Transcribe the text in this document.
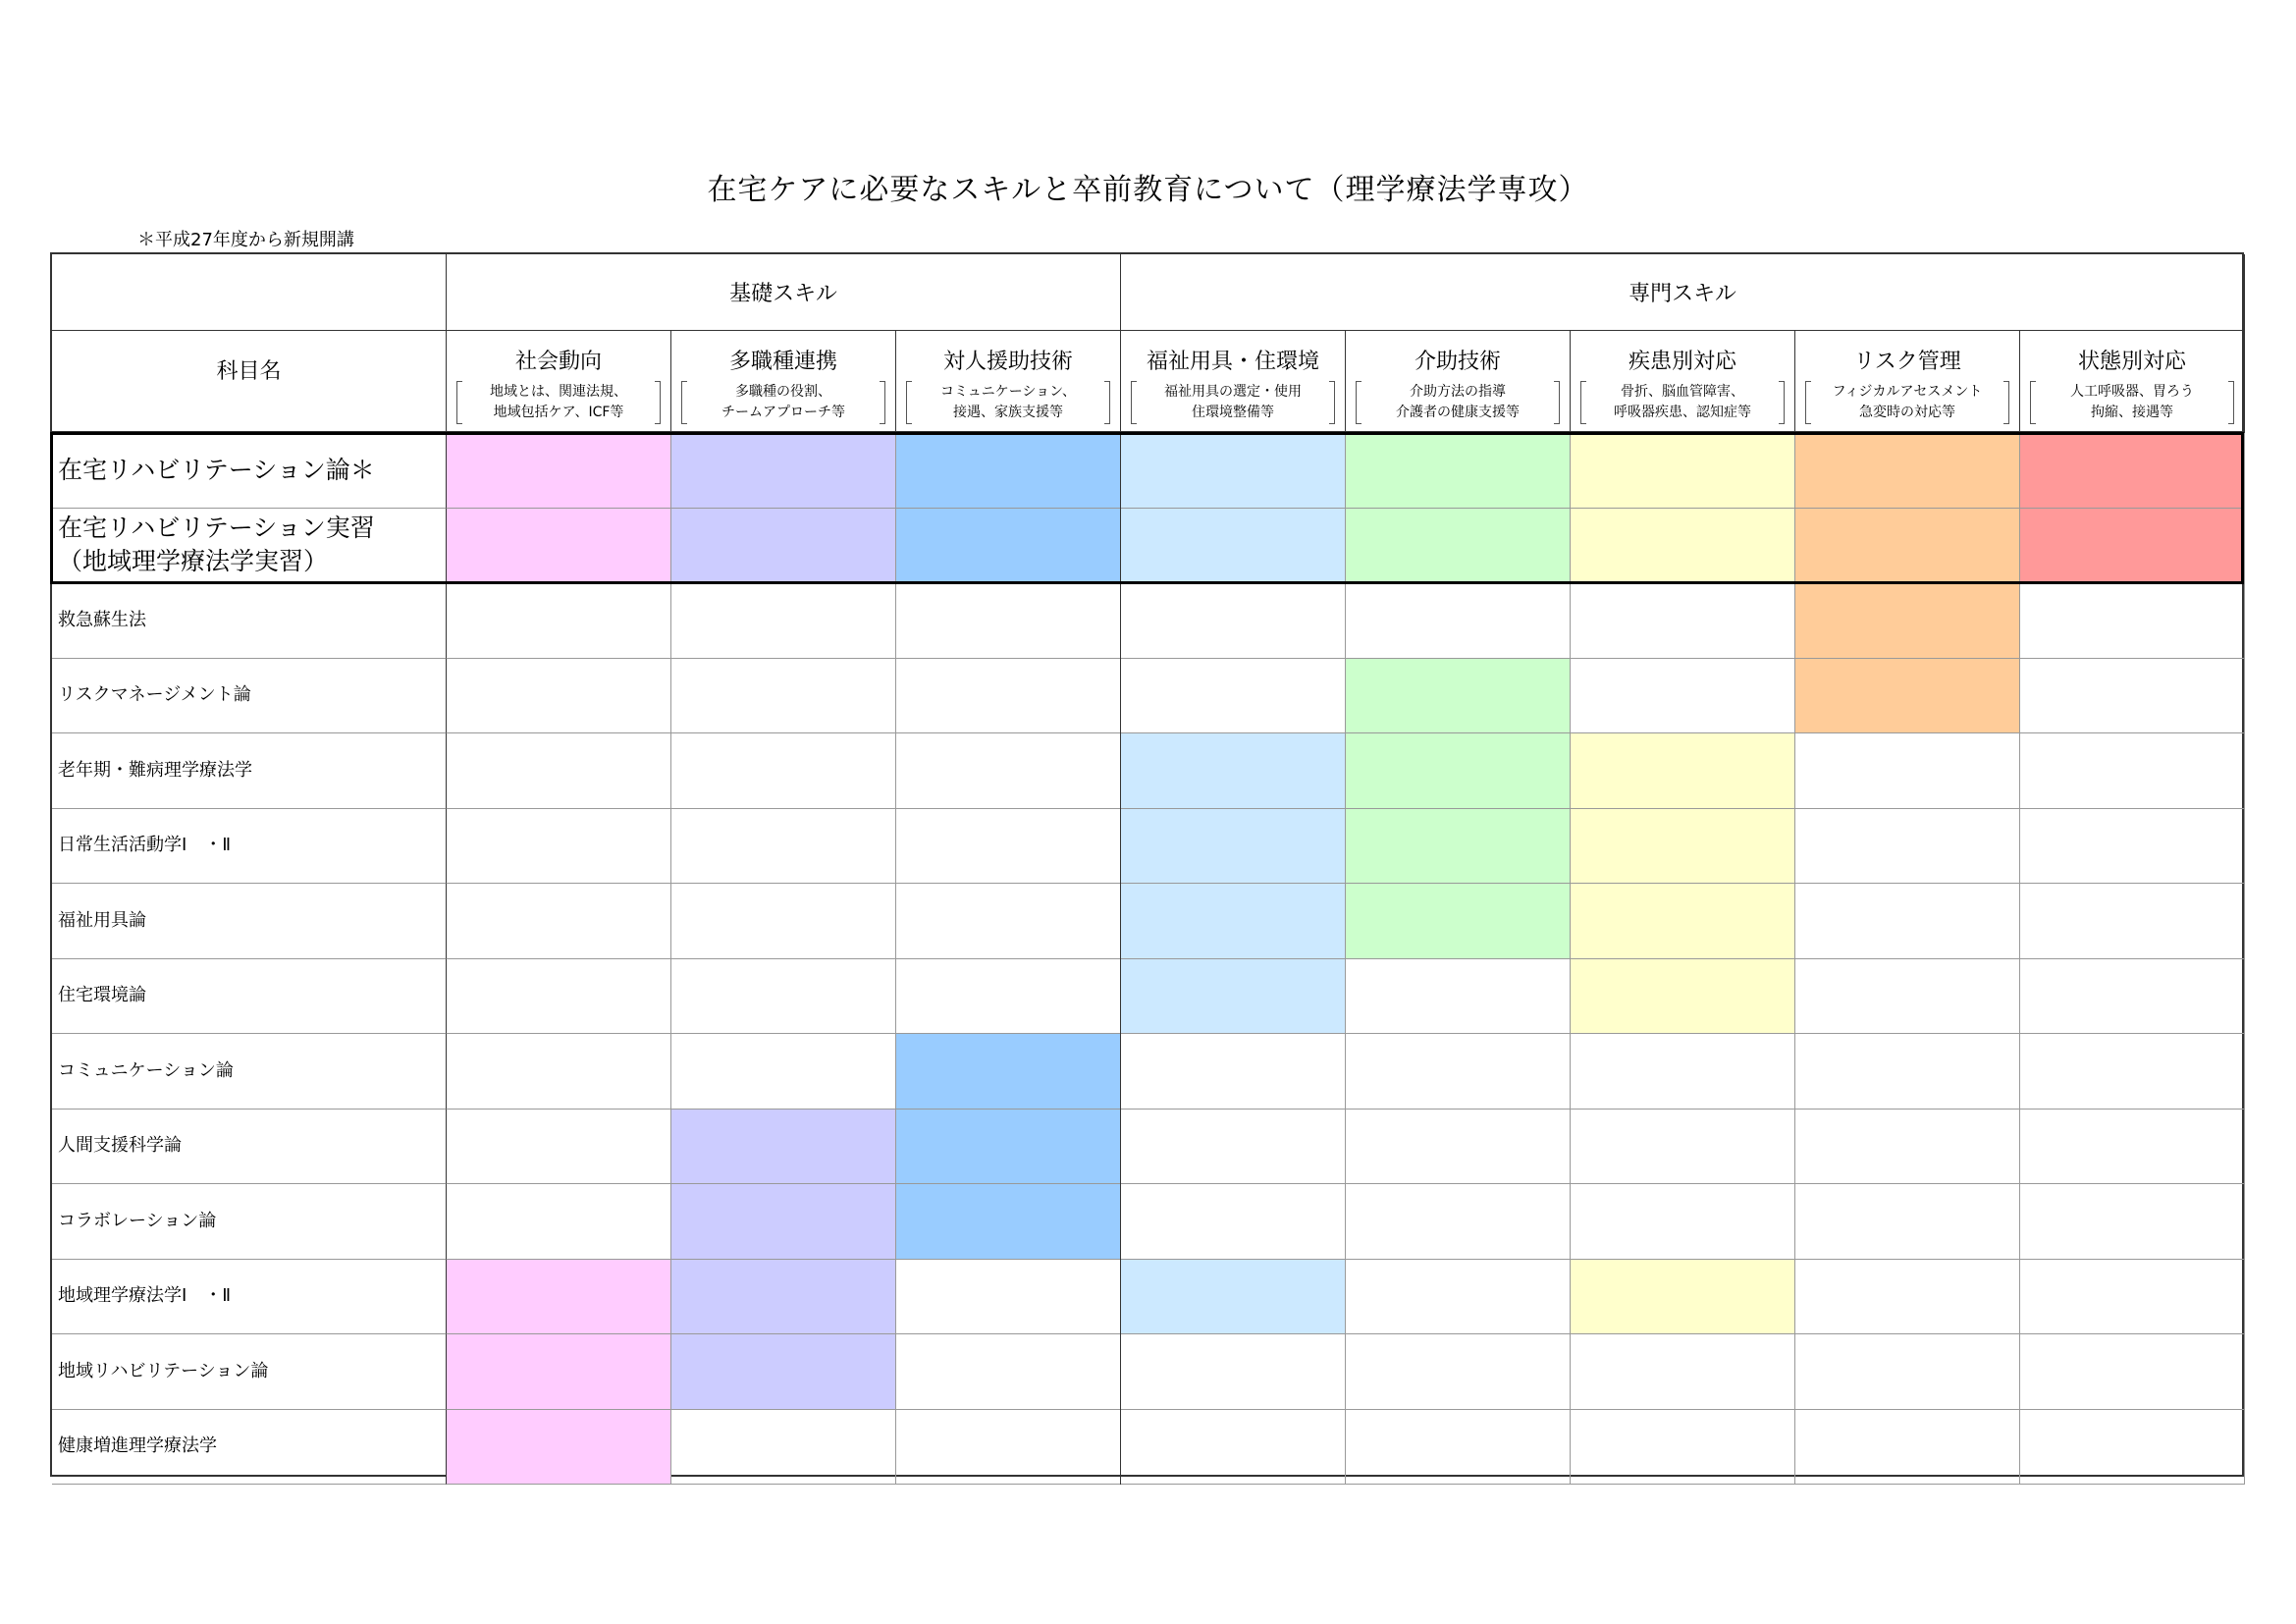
在宅ケアに必要なスキルと卒前教育について（理学療法学専攻）
＊平成27年度から新規開講
科目名
基礎スキル	専門スキル
社会動向
地域とは、関連法規、
地域包括ケア、ICF等
多職種連携
多職種の役割、
チームアプローチ等
対人援助技術
コミュニケーション、
接遇、家族支援等
福祉用具・住環境
福祉用具の選定・使用
住環境整備等
介助技術
介助方法の指導
介護者の健康支援等
疾患別対応
骨折、脳血管障害、
呼吸器疾患、認知症等
リスク管理
フィジカルアセスメント
急変時の対応等
状態別対応
人工呼吸器、胃ろう
拘縮、接遇等
在宅リハビリテーション論＊
在宅リハビリテーション実習
（地域理学療法学実習）
救急蘇生法
リスクマネージメント論
老年期・難病理学療法学
日常生活活動学Ⅰ　・Ⅱ
福祉用具論
住宅環境論
コミュニケーション論
人間支援科学論
コラボレーション論
地域理学療法学Ⅰ　・Ⅱ
地域リハビリテーション論
健康増進理学療法学
